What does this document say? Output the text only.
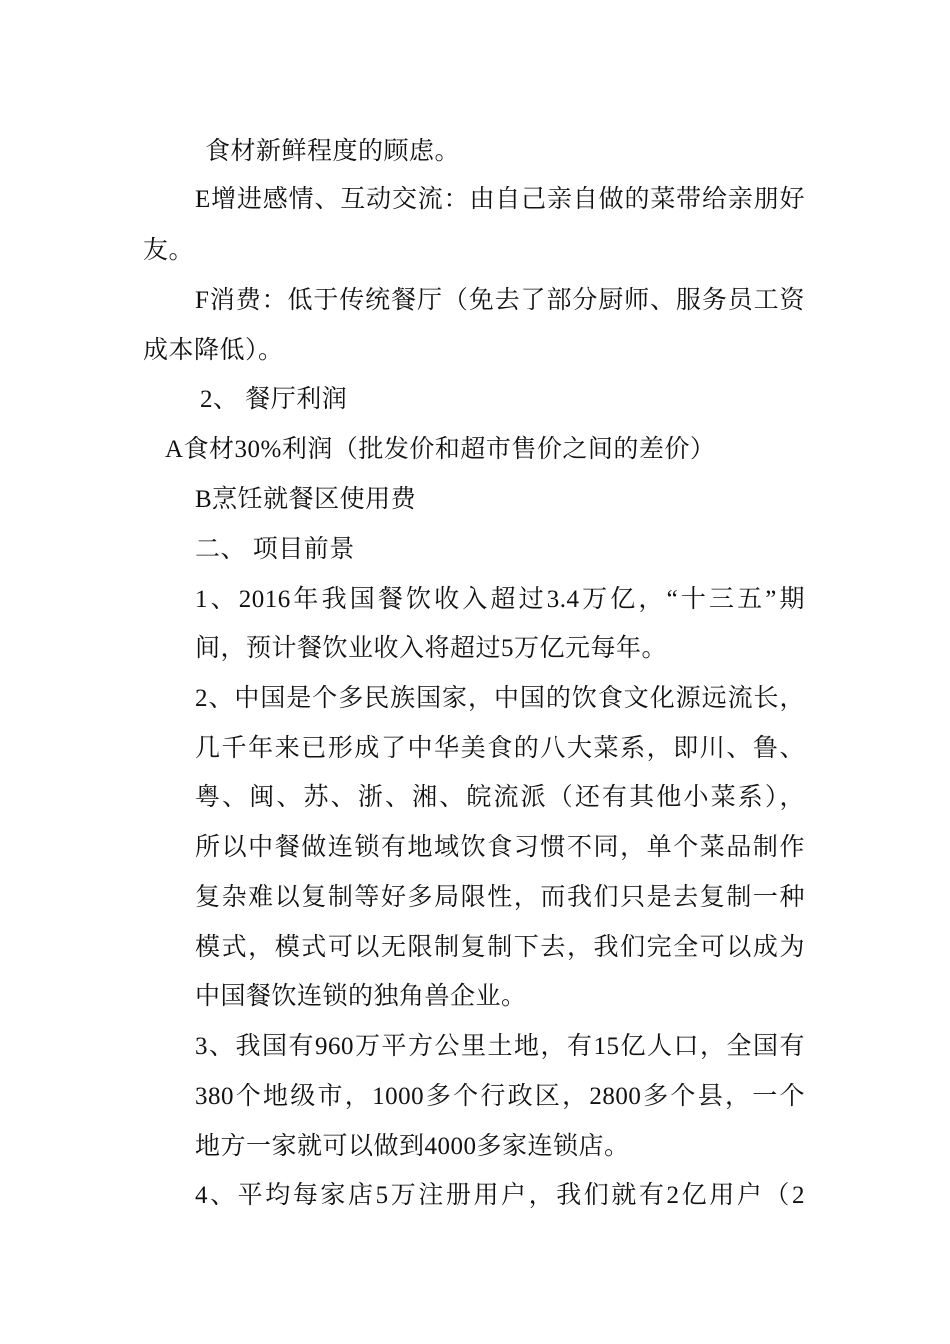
食材新鲜程度的顾虑。
E增进感情、互动交流：由自己亲自做的菜带给亲朋好
友。
F消费：低于传统餐厅（免去了部分厨师、服务员工资
成本降低）。
2、 餐厅利润
A食材30%利润（批发价和超市售价之间的差价）
B烹饪就餐区使用费
二、 项目前景
1、2016年我国餐饮收入超过3.4万亿，“十三五”期
间，预计餐饮业收入将超过5万亿元每年。
2、中国是个多民族国家，中国的饮食文化源远流长，
几千年来已形成了中华美食的八大菜系，即川、鲁、
粤、闽、苏、浙、湘、皖流派（还有其他小菜系），
所以中餐做连锁有地域饮食习惯不同，单个菜品制作
复杂难以复制等好多局限性，而我们只是去复制一种
模式，模式可以无限制复制下去，我们完全可以成为
中国餐饮连锁的独角兽企业。
3、我国有960万平方公里土地，有15亿人口，全国有
380个地级市，1000多个行政区，2800多个县，一个
地方一家就可以做到4000多家连锁店。
4、平均每家店5万注册用户，我们就有2亿用户（2
